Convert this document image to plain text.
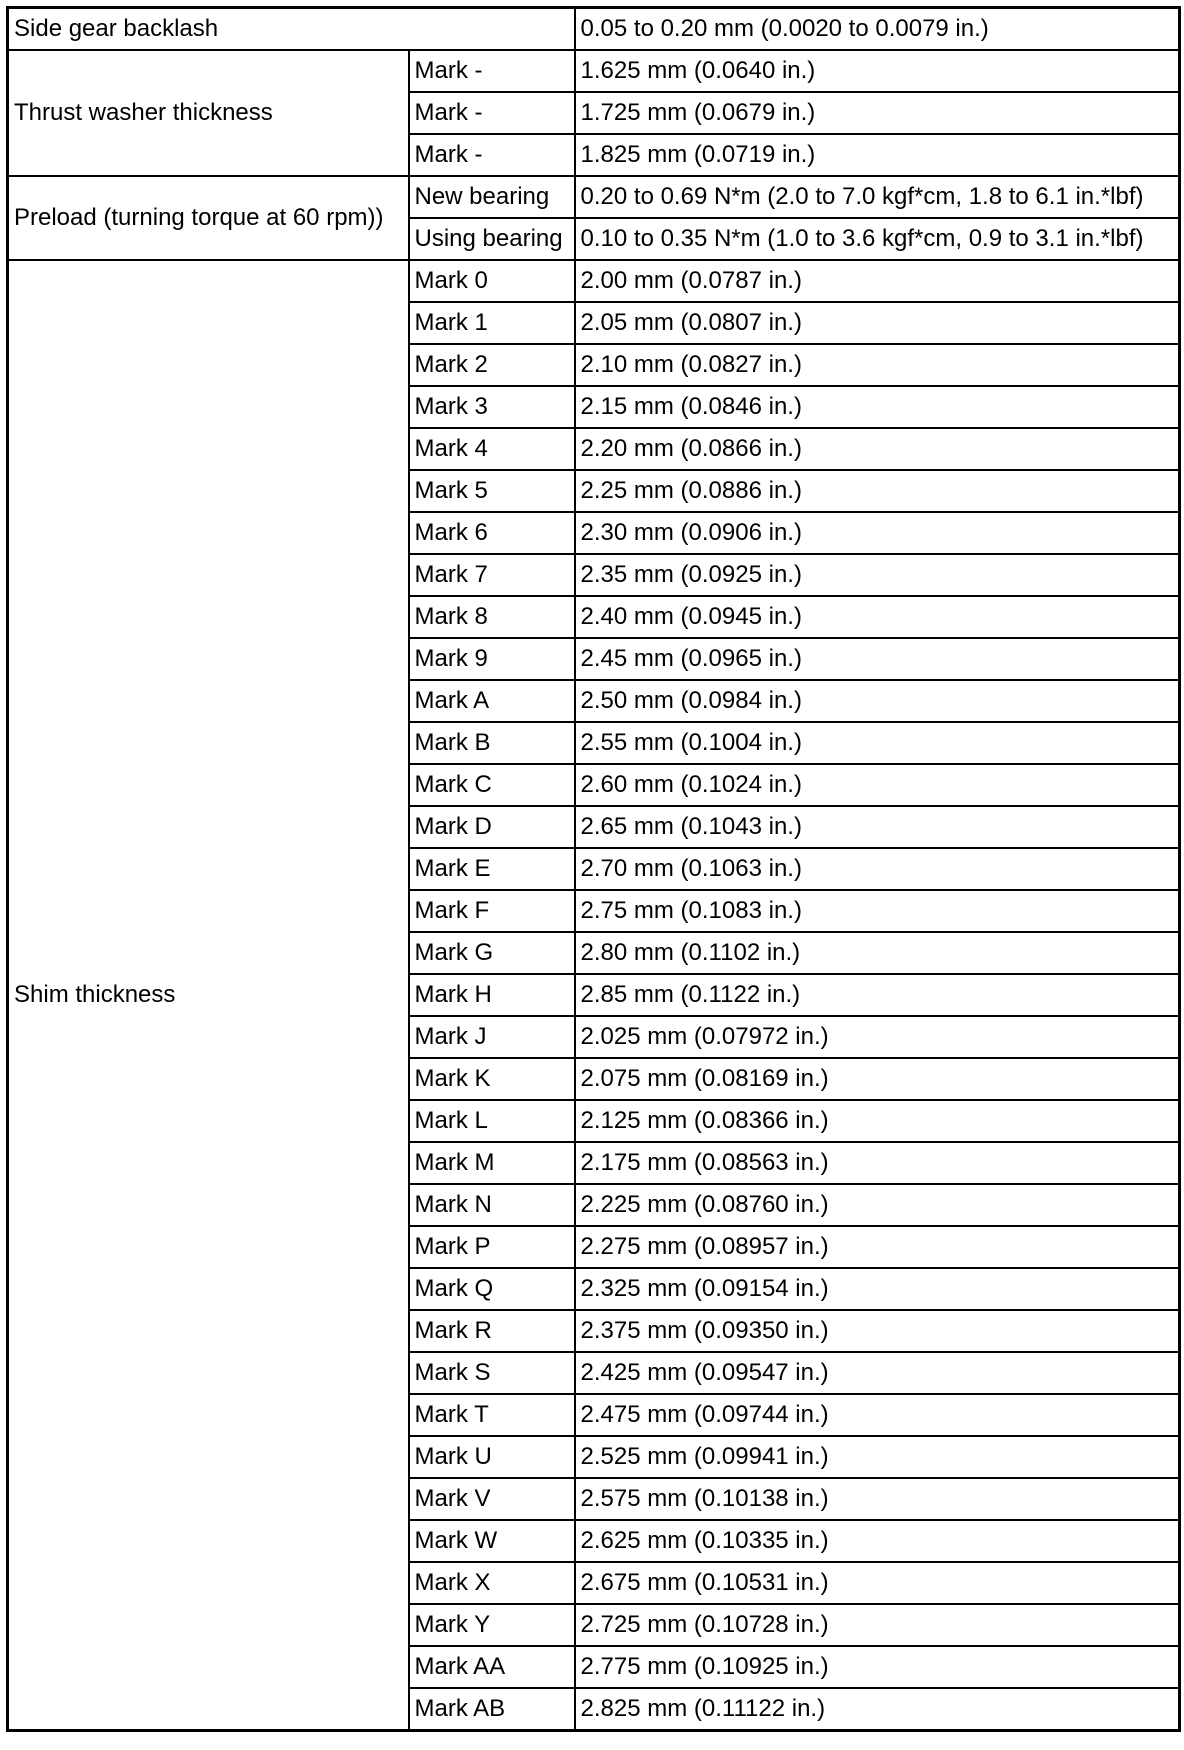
Side gear backlash		0.05 to 0.20 mm (0.0020 to 0.0079 in.)
Thrust washer thickness	Mark -	1.625 mm (0.0640 in.)
	Mark -	1.725 mm (0.0679 in.)
	Mark -	1.825 mm (0.0719 in.)
Preload (turning torque at 60 rpm))	New bearing	0.20 to 0.69 N*m (2.0 to 7.0 kgf*cm, 1.8 to 6.1 in.*lbf)
	Using bearing	0.10 to 0.35 N*m (1.0 to 3.6 kgf*cm, 0.9 to 3.1 in.*lbf)
Shim thickness	Mark 0	2.00 mm (0.0787 in.)
	Mark 1	2.05 mm (0.0807 in.)
	Mark 2	2.10 mm (0.0827 in.)
	Mark 3	2.15 mm (0.0846 in.)
	Mark 4	2.20 mm (0.0866 in.)
	Mark 5	2.25 mm (0.0886 in.)
	Mark 6	2.30 mm (0.0906 in.)
	Mark 7	2.35 mm (0.0925 in.)
	Mark 8	2.40 mm (0.0945 in.)
	Mark 9	2.45 mm (0.0965 in.)
	Mark A	2.50 mm (0.0984 in.)
	Mark B	2.55 mm (0.1004 in.)
	Mark C	2.60 mm (0.1024 in.)
	Mark D	2.65 mm (0.1043 in.)
	Mark E	2.70 mm (0.1063 in.)
	Mark F	2.75 mm (0.1083 in.)
	Mark G	2.80 mm (0.1102 in.)
	Mark H	2.85 mm (0.1122 in.)
	Mark J	2.025 mm (0.07972 in.)
	Mark K	2.075 mm (0.08169 in.)
	Mark L	2.125 mm (0.08366 in.)
	Mark M	2.175 mm (0.08563 in.)
	Mark N	2.225 mm (0.08760 in.)
	Mark P	2.275 mm (0.08957 in.)
	Mark Q	2.325 mm (0.09154 in.)
	Mark R	2.375 mm (0.09350 in.)
	Mark S	2.425 mm (0.09547 in.)
	Mark T	2.475 mm (0.09744 in.)
	Mark U	2.525 mm (0.09941 in.)
	Mark V	2.575 mm (0.10138 in.)
	Mark W	2.625 mm (0.10335 in.)
	Mark X	2.675 mm (0.10531 in.)
	Mark Y	2.725 mm (0.10728 in.)
	Mark AA	2.775 mm (0.10925 in.)
	Mark AB	2.825 mm (0.11122 in.)
